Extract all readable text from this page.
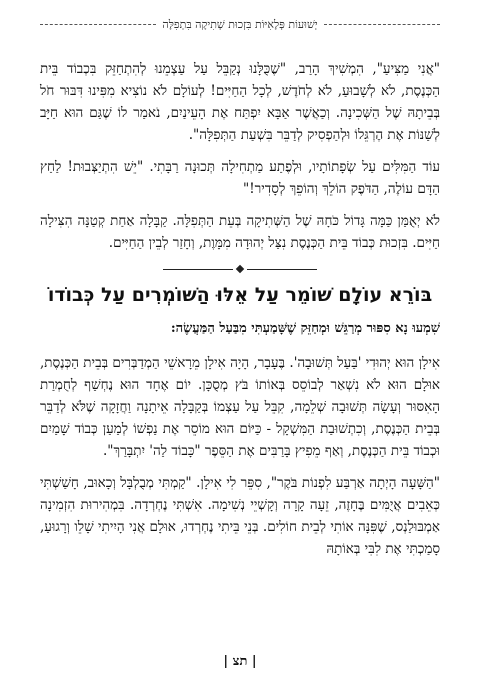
יְשׁוּעוֹת פְּלָאִיּוֹת בִּזְכוּת שְׁתִיקָה בִּתְפִלָּה

"אֲנִי מַצִּיעַ", הִמְשִׁיךְ הָרַב, "שֶׁכֻּלָּנוּ נְקַבֵּל עַל עַצְמֵנוּ לְהִתְחַזֵּק בִּכְבוֹד בֵּית הַכְּנֶסֶת, לֹא לְשָׁבוּעַ, לֹא לְחֹדֶשׁ, לְכָל הַחַיִּים! לְעוֹלָם לֹא נוֹצִיא מִפִּינוּ דִּבּוּר חֹל בְּבֵיתָהּ שֶׁל הַשְּׁכִינָה. וְכַאֲשֶׁר אַבָּא יִפְתַּח אֶת הָעֵינַיִם, נֹאמַר לוֹ שֶׁגַּם הוּא חַיָּב לְשַׁנּוֹת אֶת הֶרְגֵּלוֹ וּלְהַפְסִיק לְדַבֵּר בִּשְׁעַת הַתְּפִלָּה".

עוֹד הַמִּלִּים עַל שְׂפָתוֹתָיו, וּלְפֶתַע מַתְחִילָה תְּכוּנָה רַבָּתִי. "יֵשׁ הִתְיַצְּבוּת! לַחַץ הַדָּם עוֹלֶה, הַדֹּפֶק הוֹלֵךְ וְהוֹפֵךְ לְסָדִיר!"

לֹא יְאֻמַּן כַּמָּה גָּדוֹל כֹּחָהּ שֶׁל הַשְּׁתִיקָה בְּעֵת הַתְּפִלָּה. קַבָּלָה אַחַת קְטַנָּה הִצִּילָה חַיִּים. בִּזְכוּת כְּבוֹד בֵּית הַכְּנֶסֶת נִצַּל יְהוּדָה מִמָּוֶת, וְחָזַר לְבֵין הַחַיִּים.

בּוֹרֵא עוֹלָם שׁוֹמֵר עַל אֵלּוּ הַשּׁוֹמְרִים עַל כְּבוֹדוֹ

שִׁמְעוּ נָא סִפּוּר מְרַגֵּשׁ וּמְחַזֵּק שֶׁשָּׁמַעְתִּי מִבַּעַל הַמַּעֲשֶׂה:

אִילָן הוּא יְהוּדִי 'בַּעַל תְּשׁוּבָה'. בֶּעָבָר, הָיָה אִילָן מֵרָאשֵׁי הַמְדַבְּרִים בְּבֵית הַכְּנֶסֶת, אוּלָם הוּא לֹא נִשְׁאַר לְבוֹסֵס בְּאוֹתוֹ בֹּץ מְסֻכָּן. יוֹם אֶחָד הוּא נֶחְשַׁף לְחֻמְרַת הָאִסּוּר וְעָשָׂה תְּשׁוּבָה שְׁלֵמָה, קִבֵּל עַל עַצְמוֹ בְּקַבָּלָה אֵיתָנָה וַחֲזָקָה שֶׁלֹּא לְדַבֵּר בְּבֵית הַכְּנֶסֶת, וְכִתְשׁוּבַת הַמִּשְׁקָל - כַּיּוֹם הוּא מוֹסֵר אֶת נַפְשׁוֹ לְמַעַן כְּבוֹד שָׁמַיִם וּכְבוֹד בֵּית הַכְּנֶסֶת, וְאַף מֵפִיץ בָּרַבִּים אֶת הַסֵּפֶר "כָּבוֹד לַה' יִתְבָּרַךְ".

"הַשָּׁעָה הָיְתָה אַרְבַּע לִפְנוֹת בֹּקֶר", סִפֵּר לִי אִילָן. "קַמְתִּי מְבֻלְבָּל וְכָאוּב, חָשַׁשְׁתִּי כְּאֵבִים אֲיֻמִּים בֶּחָזֶה, זֵעָה קָרָה וְקָשְׁיֵי נְשִׁימָה. אִשְׁתִּי נֶחְרְדָה. בִּמְהִירוּת הִזְמִינָה אַמְבּוּלַנְס, שֶׁפִּנָּה אוֹתִי לְבֵית חוֹלִים. בְּנֵי בֵּיתִי נֶחְרְדוּ, אוּלָם אֲנִי הָיִיתִי שָׁלֵו וְרָגוּעַ, סָמַכְתִּי אֶת לִבִּי בְּאוֹתָהּ

| תצ |
